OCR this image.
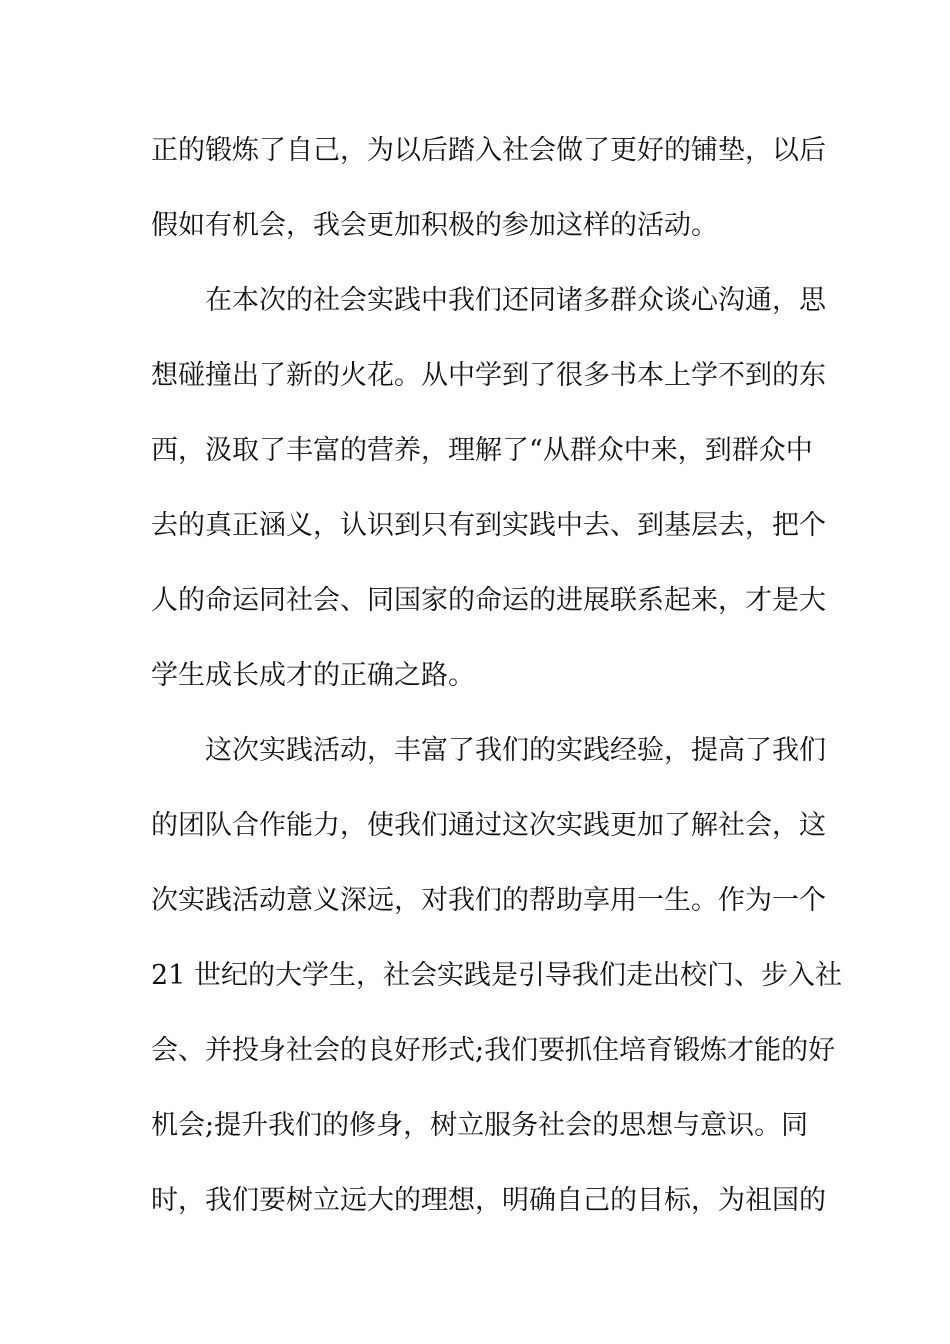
正的锻炼了自己，为以后踏入社会做了更好的铺垫，以后
假如有机会，我会更加积极的参加这样的活动。
在本次的社会实践中我们还同诸多群众谈心沟通，思
想碰撞出了新的火花。从中学到了很多书本上学不到的东
西，汲取了丰富的营养，理解了“从群众中来，到群众中
去的真正涵义，认识到只有到实践中去、到基层去，把个
人的命运同社会、同国家的命运的进展联系起来，才是大
学生成长成才的正确之路。
这次实践活动，丰富了我们的实践经验，提高了我们
的团队合作能力，使我们通过这次实践更加了解社会，这
次实践活动意义深远，对我们的帮助享用一生。作为一个
21 世纪的大学生，社会实践是引导我们走出校门、步入社
会、并投身社会的良好形式;我们要抓住培育锻炼才能的好
机会;提升我们的修身，树立服务社会的思想与意识。同
时，我们要树立远大的理想，明确自己的目标，为祖国的
